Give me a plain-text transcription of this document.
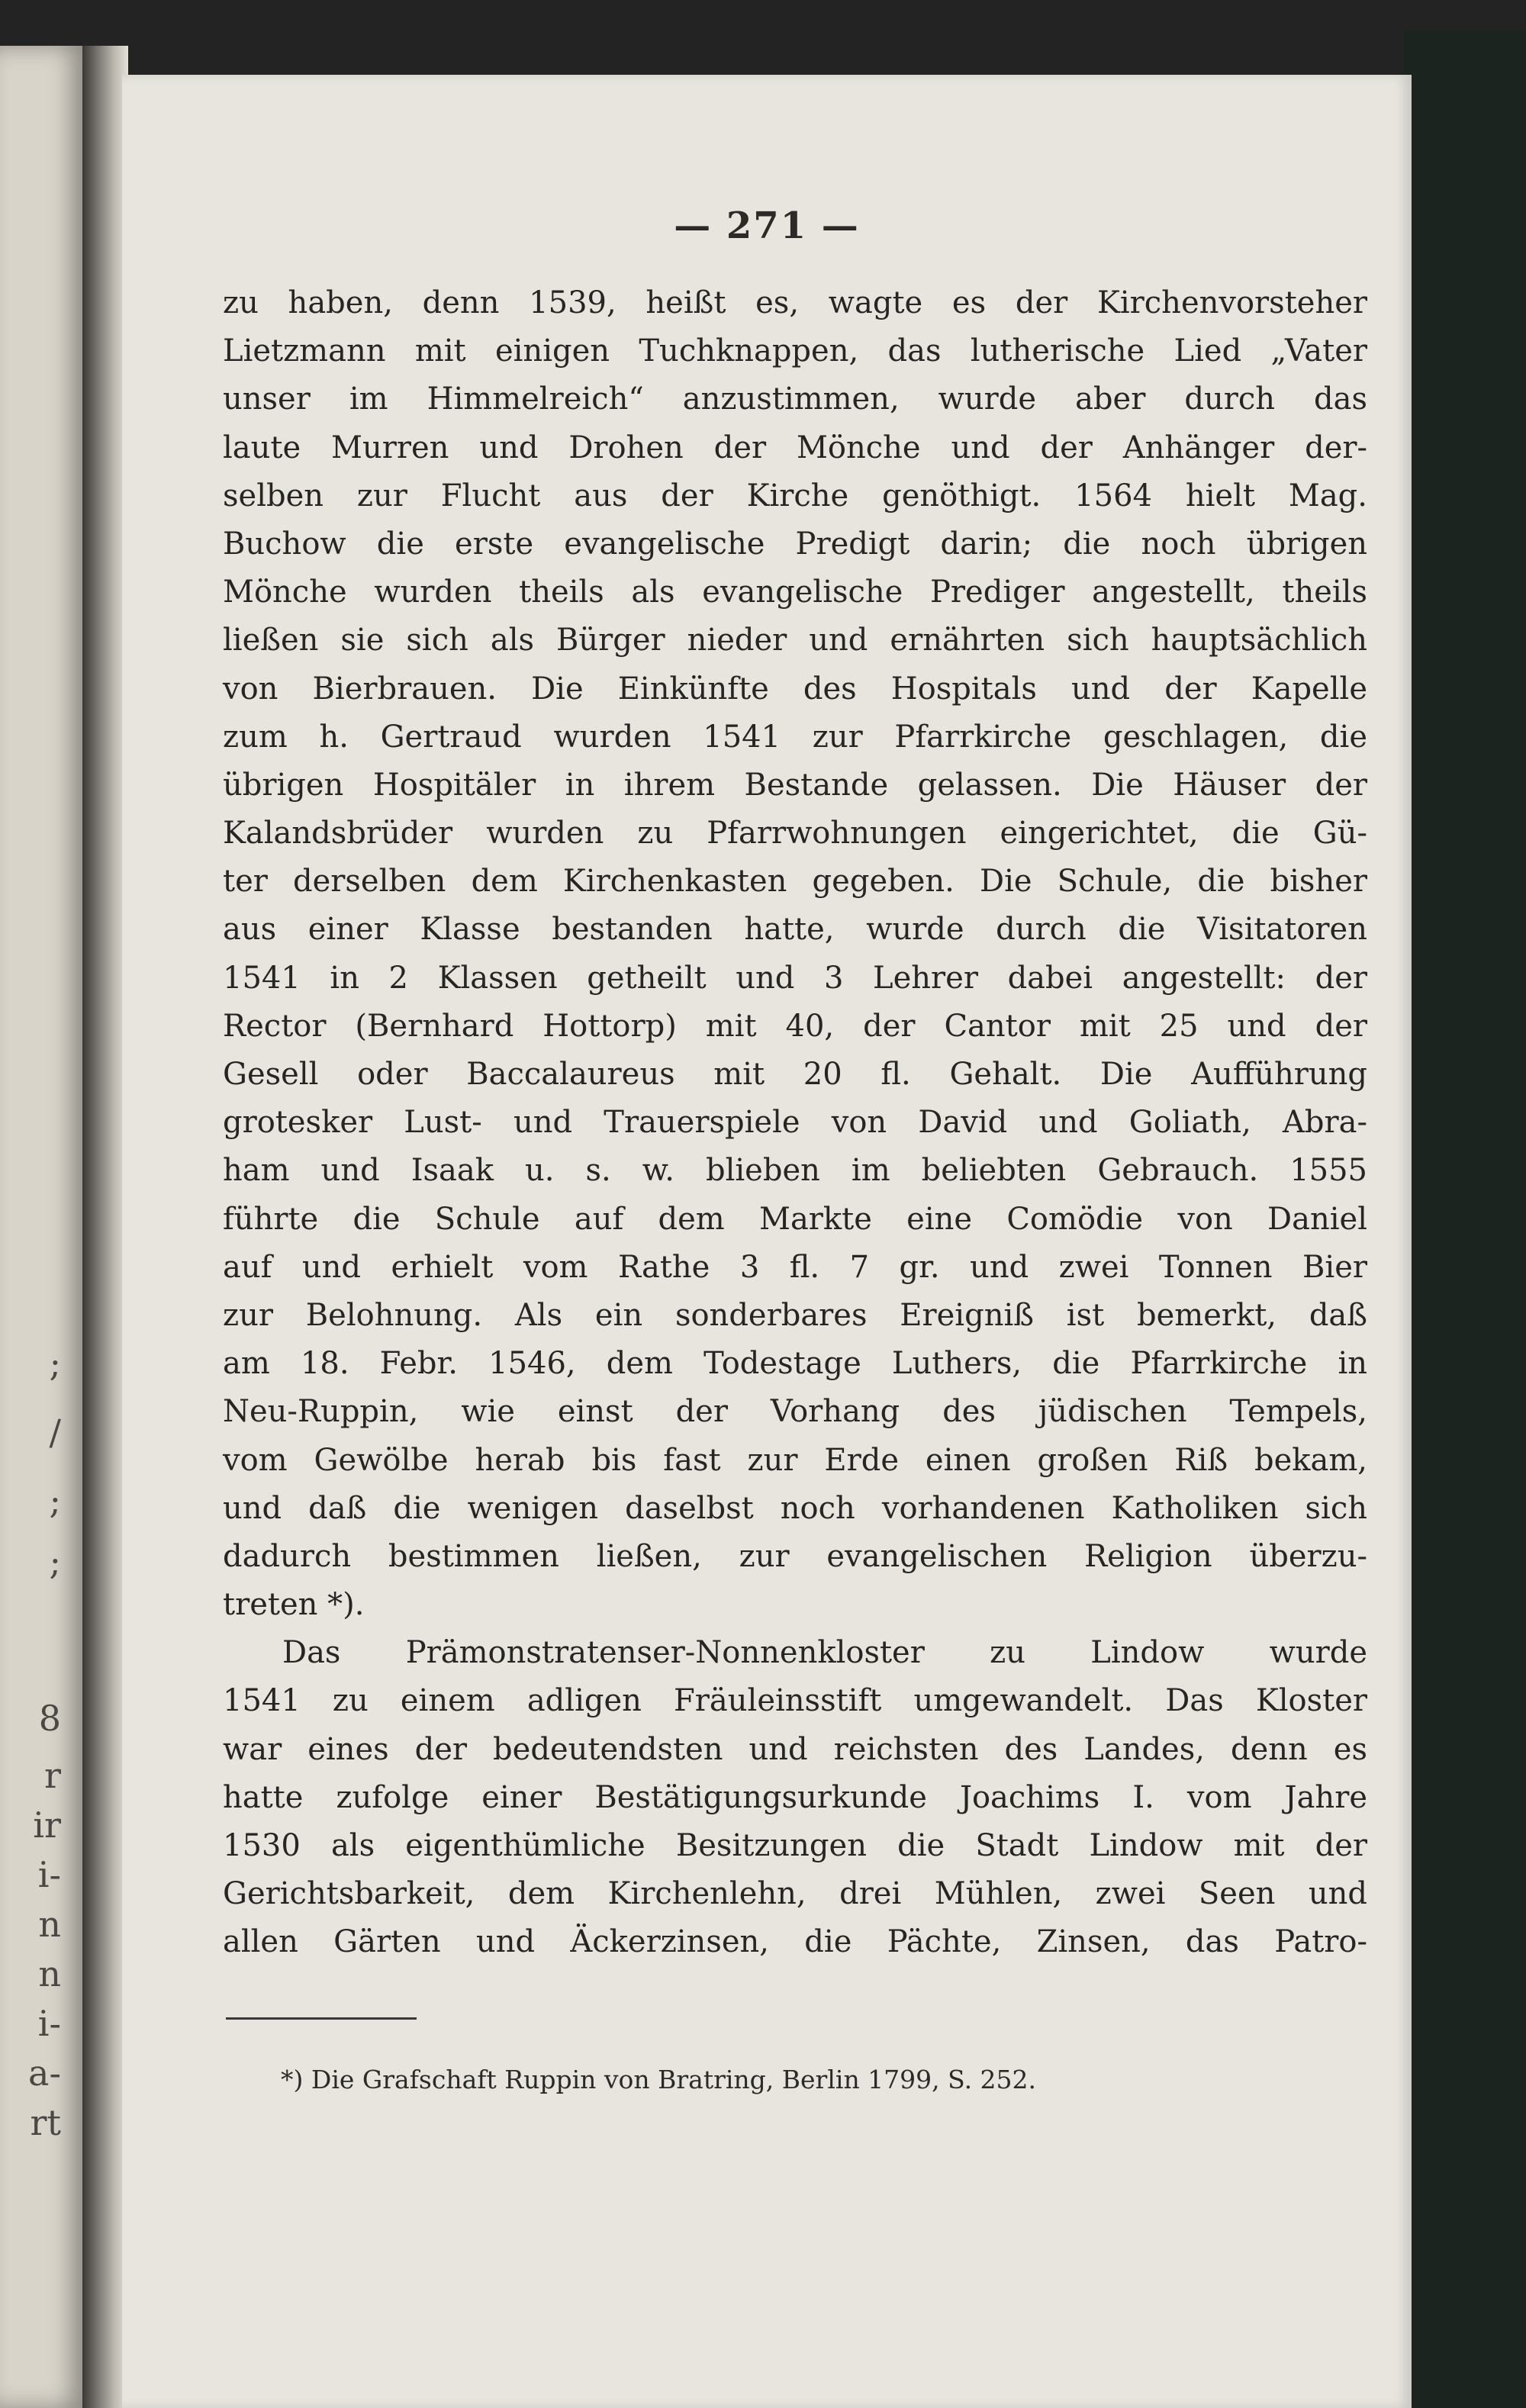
;
/
;
;
8
r
ir
i-
n
n
i-
a-
rt
— 271 —
zu haben, denn 1539, heißt es, wagte es der Kirchenvorsteher
Lietzmann mit einigen Tuchknappen, das lutherische Lied „Vater
unser im Himmelreich“ anzustimmen, wurde aber durch das
laute Murren und Drohen der Mönche und der Anhänger der-
selben zur Flucht aus der Kirche genöthigt. 1564 hielt Mag.
Buchow die erste evangelische Predigt darin; die noch übrigen
Mönche wurden theils als evangelische Prediger angestellt, theils
ließen sie sich als Bürger nieder und ernährten sich hauptsächlich
von Bierbrauen. Die Einkünfte des Hospitals und der Kapelle
zum h. Gertraud wurden 1541 zur Pfarrkirche geschlagen, die
übrigen Hospitäler in ihrem Bestande gelassen. Die Häuser der
Kalandsbrüder wurden zu Pfarrwohnungen eingerichtet, die Gü-
ter derselben dem Kirchenkasten gegeben. Die Schule, die bisher
aus einer Klasse bestanden hatte, wurde durch die Visitatoren
1541 in 2 Klassen getheilt und 3 Lehrer dabei angestellt: der
Rector (Bernhard Hottorp) mit 40, der Cantor mit 25 und der
Gesell oder Baccalaureus mit 20 fl. Gehalt. Die Aufführung
grotesker Lust- und Trauerspiele von David und Goliath, Abra-
ham und Isaak u. s. w. blieben im beliebten Gebrauch. 1555
führte die Schule auf dem Markte eine Comödie von Daniel
auf und erhielt vom Rathe 3 fl. 7 gr. und zwei Tonnen Bier
zur Belohnung. Als ein sonderbares Ereigniß ist bemerkt, daß
am 18. Febr. 1546, dem Todestage Luthers, die Pfarrkirche in
Neu-Ruppin, wie einst der Vorhang des jüdischen Tempels,
vom Gewölbe herab bis fast zur Erde einen großen Riß bekam,
und daß die wenigen daselbst noch vorhandenen Katholiken sich
dadurch bestimmen ließen, zur evangelischen Religion überzu-
treten *).
Das Prämonstratenser-Nonnenkloster zu Lindow wurde
1541 zu einem adligen Fräuleinsstift umgewandelt. Das Kloster
war eines der bedeutendsten und reichsten des Landes, denn es
hatte zufolge einer Bestätigungsurkunde Joachims I. vom Jahre
1530 als eigenthümliche Besitzungen die Stadt Lindow mit der
Gerichtsbarkeit, dem Kirchenlehn, drei Mühlen, zwei Seen und
allen Gärten und Äckerzinsen, die Pächte, Zinsen, das Patro-
*) Die Grafschaft Ruppin von Bratring, Berlin 1799, S. 252.
